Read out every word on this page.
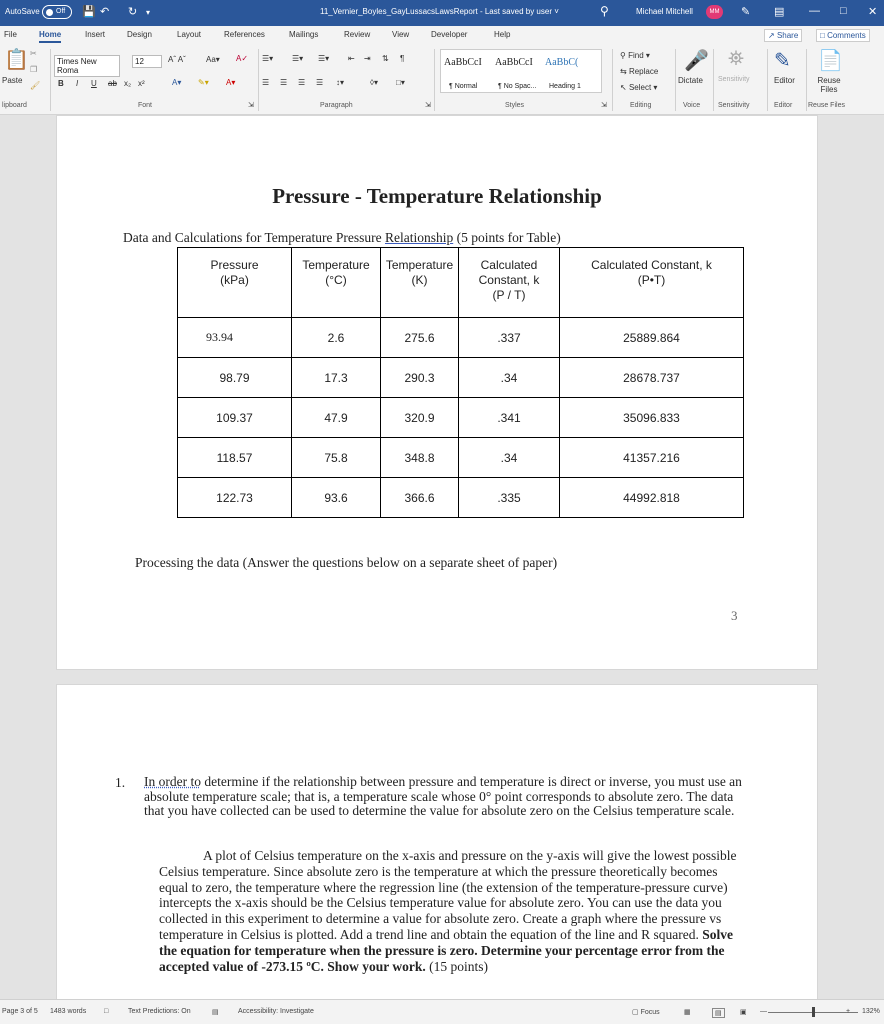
AutoSave	Off	💾 ↶ ↻ ▾	11_Vernier_Boyles_GayLussacsLawsReport - Last saved by user ˅	⚲	Michael Mitchell	MM	✎ ▤ — □ ✕
File	Home	Insert	Design	Layout	References	Mailings	Review	View	Developer	Help	↗ Share	□ Comments
📋
Paste
✂
❐
🖌
lipboard
Times New Roma
12	Aˆ Aˇ	Aa▾ A✓
B I U ab x₂ x²	A▾ ✎▾ A▾
Font	⇲
☰▾ ☰▾ ☰▾ ⇤ ⇥ ⇅ ¶
☰ ☰ ☰ ☰ ↕▾	◊▾ □▾
Paragraph	⇲
AaBbCcI
¶ Normal
AaBbCcI
¶ No Spac...
AaBbC(
Heading 1
Styles	⇲
⚲ Find ▾
⇆ Replace
↖ Select ▾
Editing
🎤
Dictate
Voice
⛯
Sensitivity
Sensitivity
✎
Editor
Editor
📄
Reuse Files
Reuse Files
Pressure - Temperature Relationship
Data and Calculations for Temperature Pressure Relationship (5 points for Table)
Pressure
(kPa)	Temperature
(°C)	Temperature
(K)	Calculated
Constant, k
(P / T)	Calculated Constant, k
(P•T)
93.94	2.6	275.6	.337	25889.864
98.79	17.3	290.3	.34	28678.737
109.37	47.9	320.9	.341	35096.833
118.57	75.8	348.8	.34	41357.216
122.73	93.6	366.6	.335	44992.818
Processing the data (Answer the questions below on a separate sheet of paper)
3
1. In order to determine if the relationship between pressure and temperature is direct or inverse, you must use an absolute temperature scale; that is, a temperature scale whose 0° point corresponds to absolute zero. The data that you have collected can be used to determine the value for absolute zero on the Celsius temperature scale.
A plot of Celsius temperature on the x-axis and pressure on the y-axis will give the lowest possible Celsius temperature. Since absolute zero is the temperature at which the pressure theoretically becomes equal to zero, the temperature where the regression line (the extension of the temperature-pressure curve) intercepts the x-axis should be the Celsius temperature value for absolute zero. You can use the data you collected in this experiment to determine a value for absolute zero. Create a graph where the pressure vs temperature in Celsius is plotted. Add a trend line and obtain the equation of the line and R squared. Solve the equation for temperature when the pressure is zero. Determine your percentage error from the accepted value of -273.15 ºC. Show your work. (15 points)
Page 3 of 5 1483 words	□	Text Predictions: On	▤	Accessibility: Investigate	▢ Focus	▦	▤	▣ —	+ 132%
